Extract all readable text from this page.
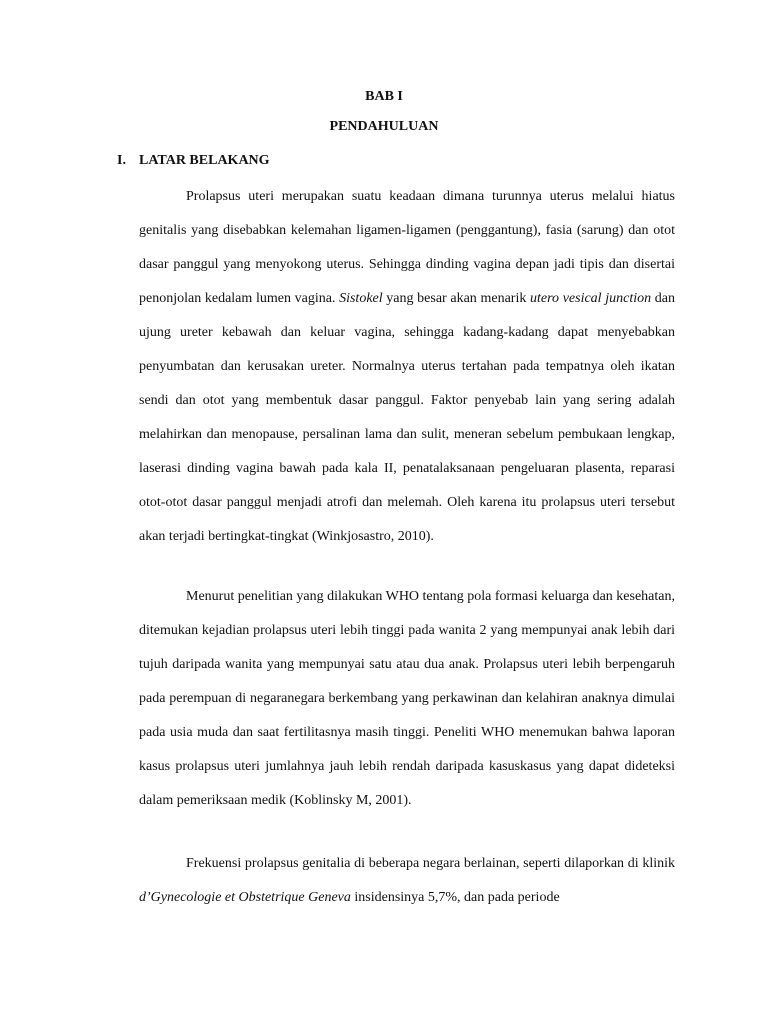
BAB I
PENDAHULUAN
I. LATAR BELAKANG

Prolapsus uteri merupakan suatu keadaan dimana turunnya uterus melalui hiatus genitalis yang disebabkan kelemahan ligamen-ligamen (penggantung), fasia (sarung) dan otot dasar panggul yang menyokong uterus. Sehingga dinding vagina depan jadi tipis dan disertai penonjolan kedalam lumen vagina. Sistokel yang besar akan menarik utero vesical junction dan ujung ureter kebawah dan keluar vagina, sehingga kadang-kadang dapat menyebabkan penyumbatan dan kerusakan ureter. Normalnya uterus tertahan pada tempatnya oleh ikatan sendi dan otot yang membentuk dasar panggul. Faktor penyebab lain yang sering adalah melahirkan dan menopause, persalinan lama dan sulit, meneran sebelum pembukaan lengkap, laserasi dinding vagina bawah pada kala II, penatalaksanaan pengeluaran plasenta, reparasi otot-otot dasar panggul menjadi atrofi dan melemah. Oleh karena itu prolapsus uteri tersebut akan terjadi bertingkat-tingkat (Winkjosastro, 2010).

Menurut penelitian yang dilakukan WHO tentang pola formasi keluarga dan kesehatan, ditemukan kejadian prolapsus uteri lebih tinggi pada wanita 2 yang mempunyai anak lebih dari tujuh daripada wanita yang mempunyai satu atau dua anak. Prolapsus uteri lebih berpengaruh pada perempuan di negaranegara berkembang yang perkawinan dan kelahiran anaknya dimulai pada usia muda dan saat fertilitasnya masih tinggi. Peneliti WHO menemukan bahwa laporan kasus prolapsus uteri jumlahnya jauh lebih rendah daripada kasuskasus yang dapat dideteksi dalam pemeriksaan medik (Koblinsky M, 2001).

Frekuensi prolapsus genitalia di beberapa negara berlainan, seperti dilaporkan di klinik d’Gynecologie et Obstetrique Geneva insidensinya 5,7%, dan pada periode
